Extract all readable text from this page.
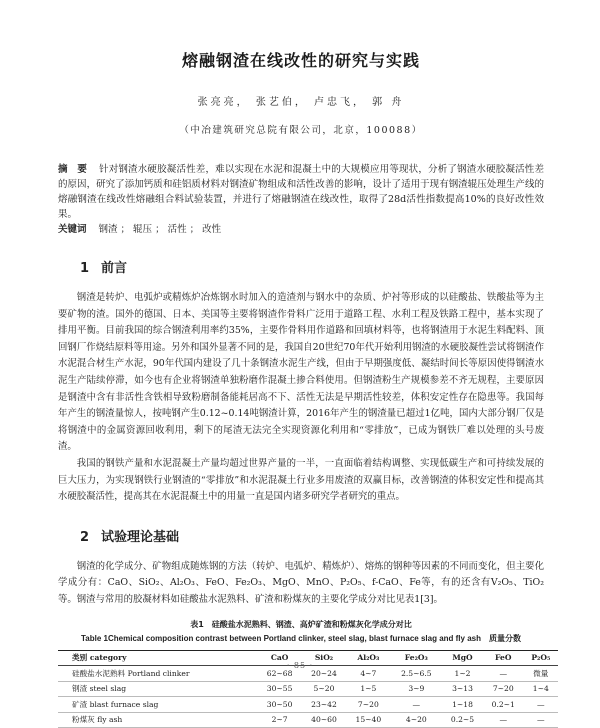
熔融钢渣在线改性的研究与实践
张亮亮， 张艺伯， 卢忠飞， 郭 舟
（中冶建筑研究总院有限公司，北京，100088）
摘　要 针对钢渣水硬胶凝活性差，难以实现在水泥和混凝土中的大规模应用等现状，分析了钢渣水硬胶凝活性差的原因，研究了添加钙质和硅铝质材料对钢渣矿物组成和活性改善的影响，设计了适用于现有钢渣辊压处理生产线的熔融钢渣在线改性熔融组合料试验装置，并进行了熔融钢渣在线改性，取得了28d活性指数提高10%的良好改性效果。
关键词 钢渣 ； 辊压 ； 活性 ； 改性
1 前言

钢渣是转炉、电弧炉或精炼炉冶炼钢水时加入的造渣剂与钢水中的杂质、炉衬等形成的以硅酸盐、铁酸盐等为主要矿物的渣。国外的德国、日本、美国等主要将钢渣作骨料广泛用于道路工程、水利工程及铁路工程中，基本实现了排用平衡。目前我国的综合钢渣利用率约35%，主要作骨料用作道路和回填材料等，也将钢渣用于水泥生料配料、顶回钢厂作烧结原料等用途。另外和国外显著不同的是，我国自20世纪70年代开始利用钢渣的水硬胶凝性尝试将钢渣作水泥混合材生产水泥，90年代国内建设了几十条钢渣水泥生产线，但由于早期强度低、凝结时间长等原因使得钢渣水泥生产陆续停滞，如今也有企业将钢渣单独粉磨作混凝土掺合料使用。但钢渣粉生产规模参差不齐无规程，主要原因是钢渣中含有非活性含铁相导致粉磨制备能耗居高不下、活性无法是早期活性较差，体积安定性存在隐患等。我国每年产生的钢渣量惊人，按吨钢产生0.12~0.14吨钢渣计算，2016年产生的钢渣量已超过1亿吨，国内大部分钢厂仅是将钢渣中的金属资源回收利用，剩下的尾渣无法完全实现资源化利用和“零排放”，已成为钢铁厂难以处理的头号废渣。

我国的钢铁产量和水泥混凝土产量均超过世界产量的一半，一直面临着结构调整、实现低碳生产和可持续发展的巨大压力，为实现钢铁行业钢渣的“零排放”和水泥混凝土行业多用废渣的双赢目标，改善钢渣的体积安定性和提高其水硬胶凝活性，提高其在水泥混凝土中的用量一直是国内诸多研究学者研究的重点。

2 试验理论基础

钢渣的化学成分、矿物组成随炼钢的方法（转炉、电弧炉、精炼炉）、熔炼的钢种等因素的不同而变化，但主要化学成分有：CaO、SiO₂、Al₂O₃、FeO、Fe₂O₃、MgO、MnO、P₂O₅、f-CaO、Fe等，有的还含有V₂O₅、TiO₂等。钢渣与常用的胶凝材料如硅酸盐水泥熟料、矿渣和粉煤灰的主要化学成分对比见表1[3]。

表1　硅酸盐水泥熟料、钢渣、高炉矿渣和粉煤灰化学成分对比
Table 1Chemical composition contrast between Portland clinker, steel slag, blast furnace slag and fly ash　质量分数
类别 category	CaO	SiO₂	Al₂O₃	Fe₂O₃	MgO	FeO	P₂O₅
硅酸盐水泥熟料 Portland clinker	62~68	20~24	4~7	2.5~6.5	1~2	—	微量
钢渣 steel slag	30~55	5~20	1~5	3~9	3~13	7~20	1~4
矿渣 blast furnace slag	30~50	23~42	7~20	—	1~18	0.2~1	—
粉煤灰 fly ash	2~7	40~60	15~40	4~20	0.2~5	—	—
· 85 ·
